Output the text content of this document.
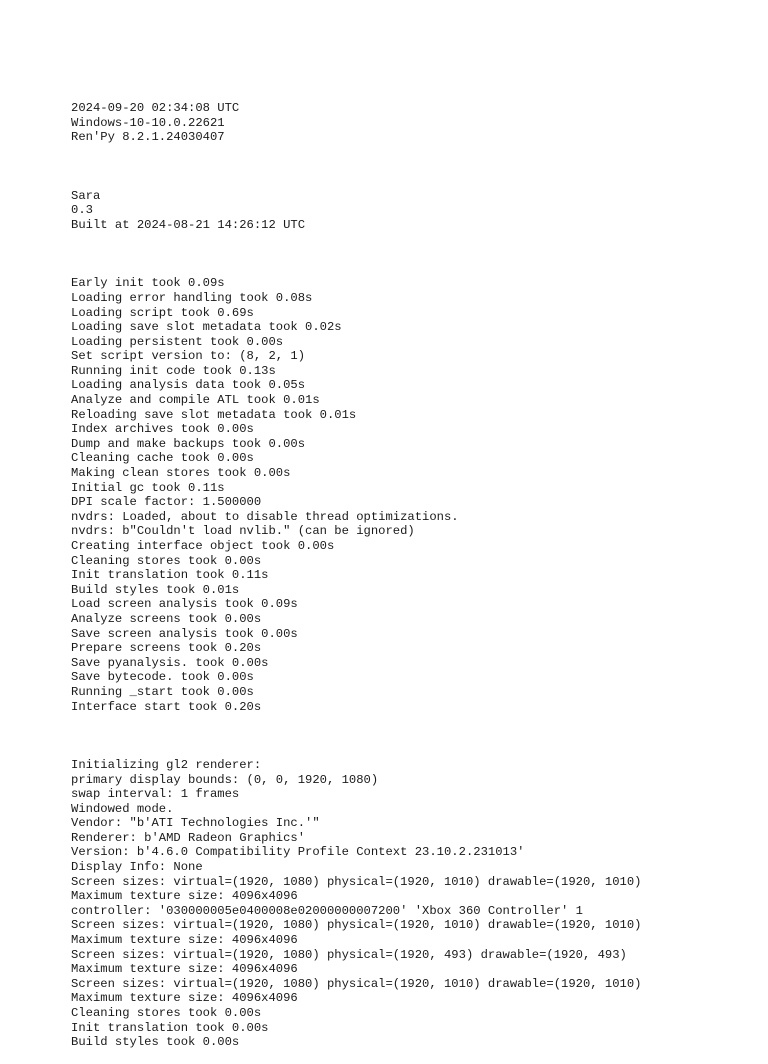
2024-09-20 02:34:08 UTC
Windows-10-10.0.22621
Ren'Py 8.2.1.24030407

Sara
0.3
Built at 2024-08-21 14:26:12 UTC

Early init took 0.09s
Loading error handling took 0.08s
Loading script took 0.69s
Loading save slot metadata took 0.02s
Loading persistent took 0.00s
Set script version to: (8, 2, 1)
Running init code took 0.13s
Loading analysis data took 0.05s
Analyze and compile ATL took 0.01s
Reloading save slot metadata took 0.01s
Index archives took 0.00s
Dump and make backups took 0.00s
Cleaning cache took 0.00s
Making clean stores took 0.00s
Initial gc took 0.11s
DPI scale factor: 1.500000
nvdrs: Loaded, about to disable thread optimizations.
nvdrs: b"Couldn't load nvlib." (can be ignored)
Creating interface object took 0.00s
Cleaning stores took 0.00s
Init translation took 0.11s
Build styles took 0.01s
Load screen analysis took 0.09s
Analyze screens took 0.00s
Save screen analysis took 0.00s
Prepare screens took 0.20s
Save pyanalysis. took 0.00s
Save bytecode. took 0.00s
Running _start took 0.00s
Interface start took 0.20s

Initializing gl2 renderer:
primary display bounds: (0, 0, 1920, 1080)
swap interval: 1 frames
Windowed mode.
Vendor: "b'ATI Technologies Inc.'"
Renderer: b'AMD Radeon Graphics'
Version: b'4.6.0 Compatibility Profile Context 23.10.2.231013'
Display Info: None
Screen sizes: virtual=(1920, 1080) physical=(1920, 1010) drawable=(1920, 1010)
Maximum texture size: 4096x4096
controller: '030000005e0400008e02000000007200' 'Xbox 360 Controller' 1
Screen sizes: virtual=(1920, 1080) physical=(1920, 1010) drawable=(1920, 1010)
Maximum texture size: 4096x4096
Screen sizes: virtual=(1920, 1080) physical=(1920, 493) drawable=(1920, 493)
Maximum texture size: 4096x4096
Screen sizes: virtual=(1920, 1080) physical=(1920, 1010) drawable=(1920, 1010)
Maximum texture size: 4096x4096
Cleaning stores took 0.00s
Init translation took 0.00s
Build styles took 0.00s
